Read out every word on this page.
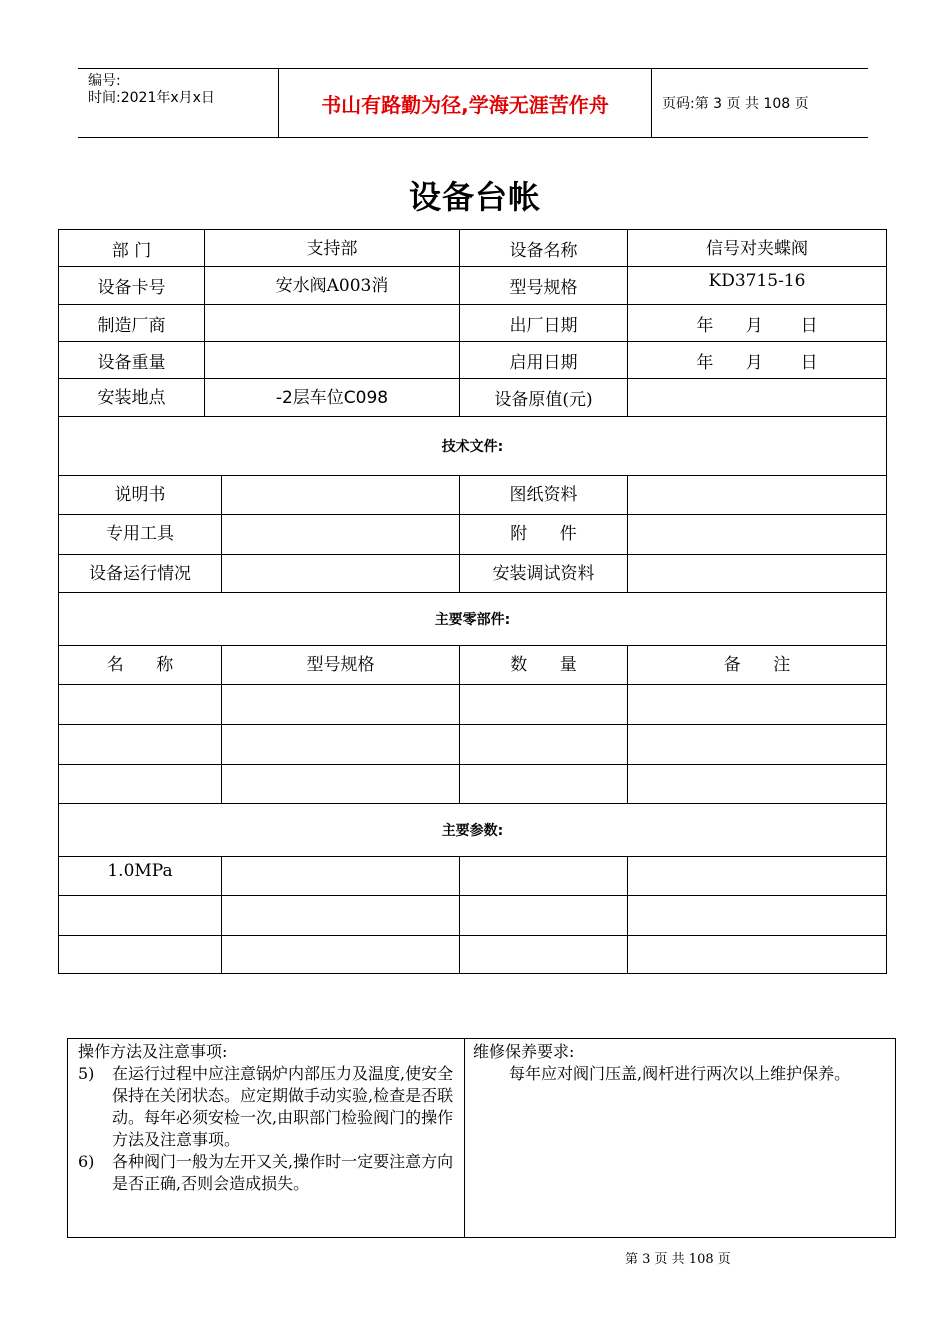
编号:
时间:2021年x月x日	书山有路勤为径,学海无涯苦作舟	页码:第 3 页 共 108 页
设备台帐
部 门	支持部		设备名称	信号对夹蝶阀
设备卡号	安水阀A003消		型号规格	KD3715-16
制造厂商			出厂日期	年      月       日
设备重量			启用日期	年      月       日
安装地点	-2层车位C098		设备原值(元)	
技术文件:				
说明书			图纸资料	
专用工具			附      件	
设备运行情况			安装调试资料	
主要零部件:				
名      称		型号规格	数      量	备      注

主要参数:				
1.0MPa				

操作方法及注意事项:
5)	在运行过程中应注意锅炉内部压力及温度,使安全保持在关闭状态。应定期做手动实验,检查是否联动。每年必须安检一次,由职部门检验阀门的操作方法及注意事项。
6)	各种阀门一般为左开又关,操作时一定要注意方向是否正确,否则会造成损失。
维修保养要求:
每年应对阀门压盖,阀杆进行两次以上维护保养。
第 3 页 共 108 页
